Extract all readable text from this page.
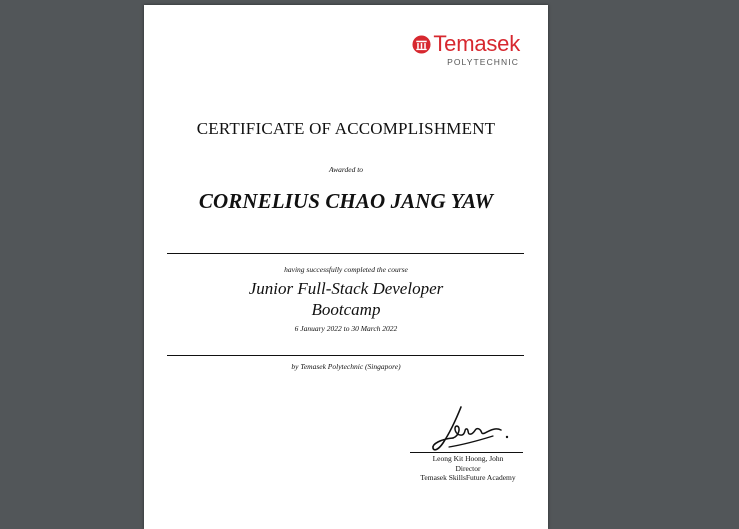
Temasek
POLYTECHNIC
CERTIFICATE OF ACCOMPLISHMENT
Awarded to
CORNELIUS CHAO JANG YAW
having successfully completed the course
Junior Full-Stack Developer
Bootcamp
6 January 2022 to 30 March 2022
by Temasek Polytechnic (Singapore)
Leong Kit Hoong, John
Director
Temasek SkillsFuture Academy
